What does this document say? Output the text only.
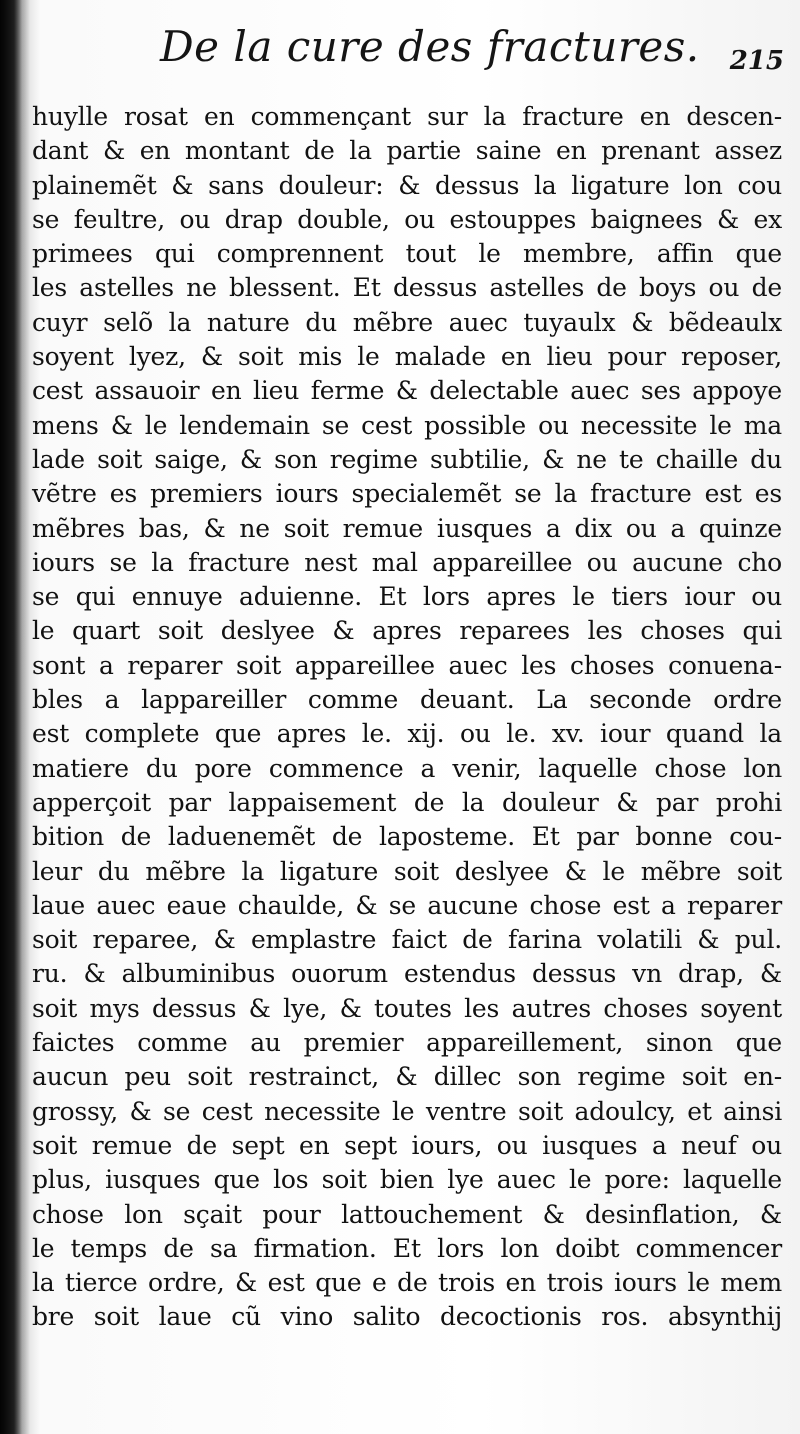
De la cure des fractures. 215
huylle rosat en commençant sur la fracture en descen-
dant & en montant de la partie saine en prenant assez
plainemẽt & sans douleur: & dessus la ligature lon cou
se feultre, ou drap double, ou estouppes baignees & ex
primees qui comprennent tout le membre, affin que
les astelles ne blessent. Et dessus astelles de boys ou de
cuyr selõ la nature du mẽbre auec tuyaulx & bẽdeaulx
soyent lyez, & soit mis le malade en lieu pour reposer,
cest assauoir en lieu ferme & delectable auec ses appoye
mens & le lendemain se cest possible ou necessite le ma
lade soit saige, & son regime subtilie, & ne te chaille du
vẽtre es premiers iours specialemẽt se la fracture est es
mẽbres bas, & ne soit remue iusques a dix ou a quinze
iours se la fracture nest mal appareillee ou aucune cho
se qui ennuye aduienne. Et lors apres le tiers iour ou
le quart soit deslyee & apres reparees les choses qui
sont a reparer soit appareillee auec les choses conuena-
bles a lappareiller comme deuant. La seconde ordre
est complete que apres le. xij. ou le. xv. iour quand la
matiere du pore commence a venir, laquelle chose lon
apperçoit par lappaisement de la douleur & par prohi
bition de laduenemẽt de laposteme. Et par bonne cou-
leur du mẽbre la ligature soit deslyee & le mẽbre soit
laue auec eaue chaulde, & se aucune chose est a reparer
soit reparee, & emplastre faict de farina volatili & pul.
ru. & albuminibus ouorum estendus dessus vn drap, &
soit mys dessus & lye, & toutes les autres choses soyent
faictes comme au premier appareillement, sinon que
aucun peu soit restrainct, & dillec son regime soit en-
grossy, & se cest necessite le ventre soit adoulcy, et ainsi
soit remue de sept en sept iours, ou iusques a neuf ou
plus, iusques que los soit bien lye auec le pore: laquelle
chose lon sçait pour lattouchement & desinflation, &
le temps de sa firmation. Et lors lon doibt commencer
la tierce ordre, & est que e de trois en trois iours le mem
bre soit laue cũ vino salito decoctionis ros. absynthij
